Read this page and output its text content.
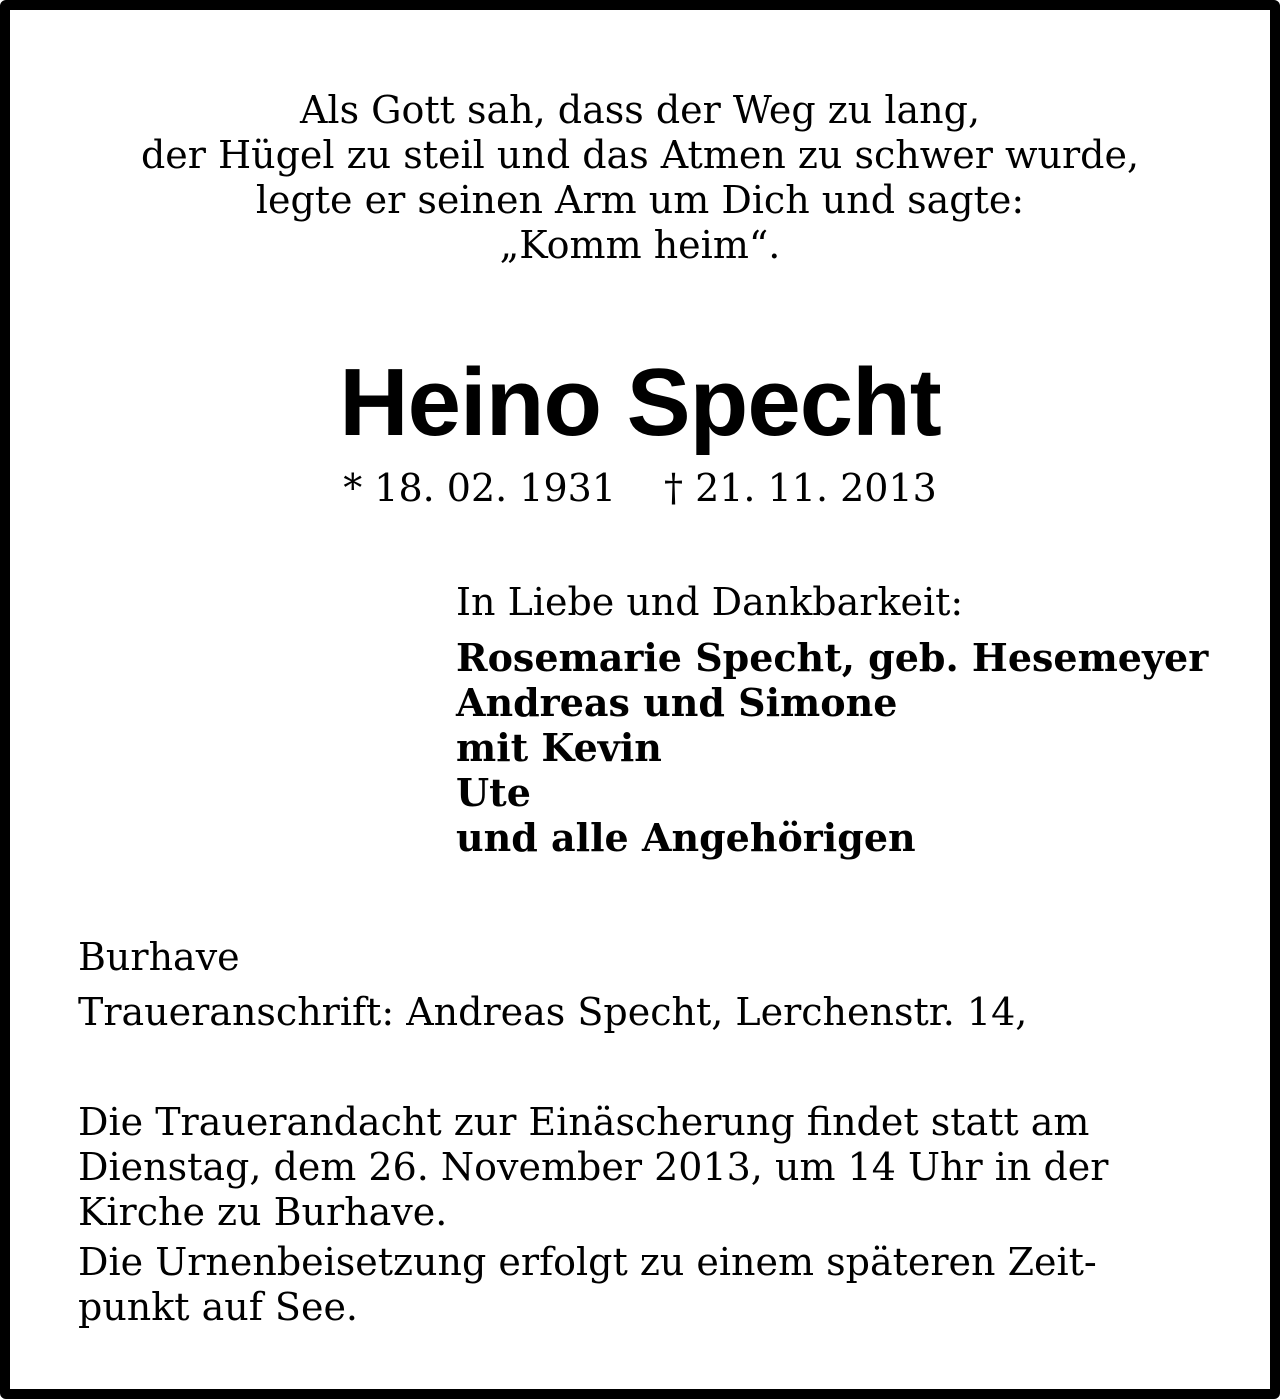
Als Gott sah, dass der Weg zu lang,
der Hügel zu steil und das Atmen zu schwer wurde,
legte er seinen Arm um Dich und sagte:
„Komm heim“.
Heino Specht
* 18. 02. 1931 † 21. 11. 2013
In Liebe und Dankbarkeit:
Rosemarie Specht, geb. Hesemeyer
Andreas und Simone
mit Kevin
Ute
und alle Angehörigen
Burhave
Traueranschrift: Andreas Specht, Lerchenstr. 14,
Die Trauerandacht zur Einäscherung findet statt am
Dienstag, dem 26. November 2013, um 14 Uhr in der
Kirche zu Burhave.
Die Urnenbeisetzung erfolgt zu einem späteren Zeit-
punkt auf See.
